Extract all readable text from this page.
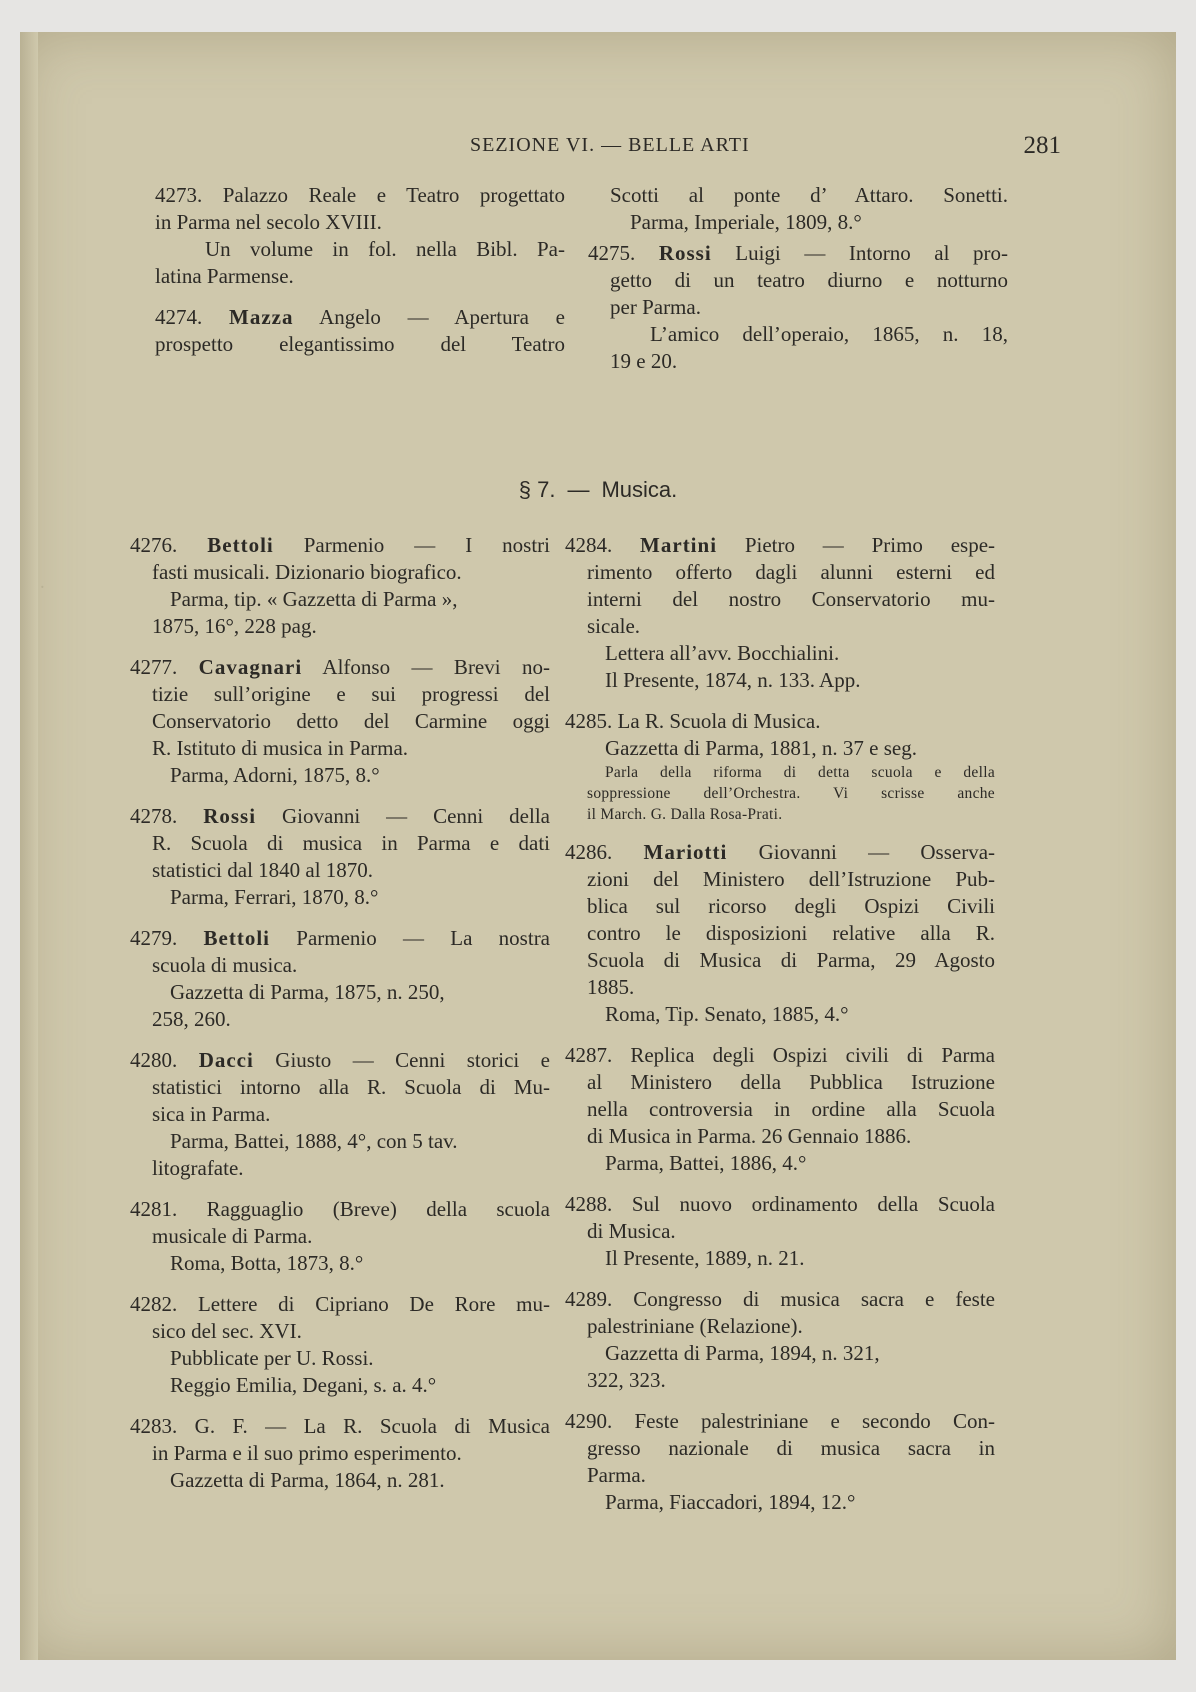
SEZIONE VI. — BELLE ARTI	281
4273. Palazzo Reale e Teatro progettato
in Parma nel secolo XVIII.
Un volume in fol. nella Bibl. Pa-
latina Parmense.
4274. Mazza Angelo — Apertura e
prospetto elegantissimo del Teatro
Scotti al ponte d’ Attaro. Sonetti.
Parma, Imperiale, 1809, 8.°
4275. Rossi Luigi — Intorno al pro-
getto di un teatro diurno e notturno
per Parma.
L’amico dell’operaio, 1865, n. 18,
19 e 20.
§ 7. — Musica.
4276. Bettoli Parmenio — I nostri
fasti musicali. Dizionario biografico.
Parma, tip. « Gazzetta di Parma »,
1875, 16°, 228 pag.
4277. Cavagnari Alfonso — Brevi no-
tizie sull’origine e sui progressi del
Conservatorio detto del Carmine oggi
R. Istituto di musica in Parma.
Parma, Adorni, 1875, 8.°
4278. Rossi Giovanni — Cenni della
R. Scuola di musica in Parma e dati
statistici dal 1840 al 1870.
Parma, Ferrari, 1870, 8.°
4279. Bettoli Parmenio — La nostra
scuola di musica.
Gazzetta di Parma, 1875, n. 250,
258, 260.
4280. Dacci Giusto — Cenni storici e
statistici intorno alla R. Scuola di Mu-
sica in Parma.
Parma, Battei, 1888, 4°, con 5 tav.
litografate.
4281. Ragguaglio (Breve) della scuola
musicale di Parma.
Roma, Botta, 1873, 8.°
4282. Lettere di Cipriano De Rore mu-
sico del sec. XVI.
Pubblicate per U. Rossi.
Reggio Emilia, Degani, s. a. 4.°
4283. G. F. — La R. Scuola di Musica
in Parma e il suo primo esperimento.
Gazzetta di Parma, 1864, n. 281.
4284. Martini Pietro — Primo espe-
rimento offerto dagli alunni esterni ed
interni del nostro Conservatorio mu-
sicale.
Lettera all’avv. Bocchialini.
Il Presente, 1874, n. 133. App.
4285. La R. Scuola di Musica.
Gazzetta di Parma, 1881, n. 37 e seg.
Parla della riforma di detta scuola e della
soppressione dell’Orchestra. Vi scrisse anche
il March. G. Dalla Rosa-Prati.
4286. Mariotti Giovanni — Osserva-
zioni del Ministero dell’Istruzione Pub-
blica sul ricorso degli Ospizi Civili
contro le disposizioni relative alla R.
Scuola di Musica di Parma, 29 Agosto
1885.
Roma, Tip. Senato, 1885, 4.°
4287. Replica degli Ospizi civili di Parma
al Ministero della Pubblica Istruzione
nella controversia in ordine alla Scuola
di Musica in Parma. 26 Gennaio 1886.
Parma, Battei, 1886, 4.°
4288. Sul nuovo ordinamento della Scuola
di Musica.
Il Presente, 1889, n. 21.
4289. Congresso di musica sacra e feste
palestriniane (Relazione).
Gazzetta di Parma, 1894, n. 321,
322, 323.
4290. Feste palestriniane e secondo Con-
gresso nazionale di musica sacra in
Parma.
Parma, Fiaccadori, 1894, 12.°
.
